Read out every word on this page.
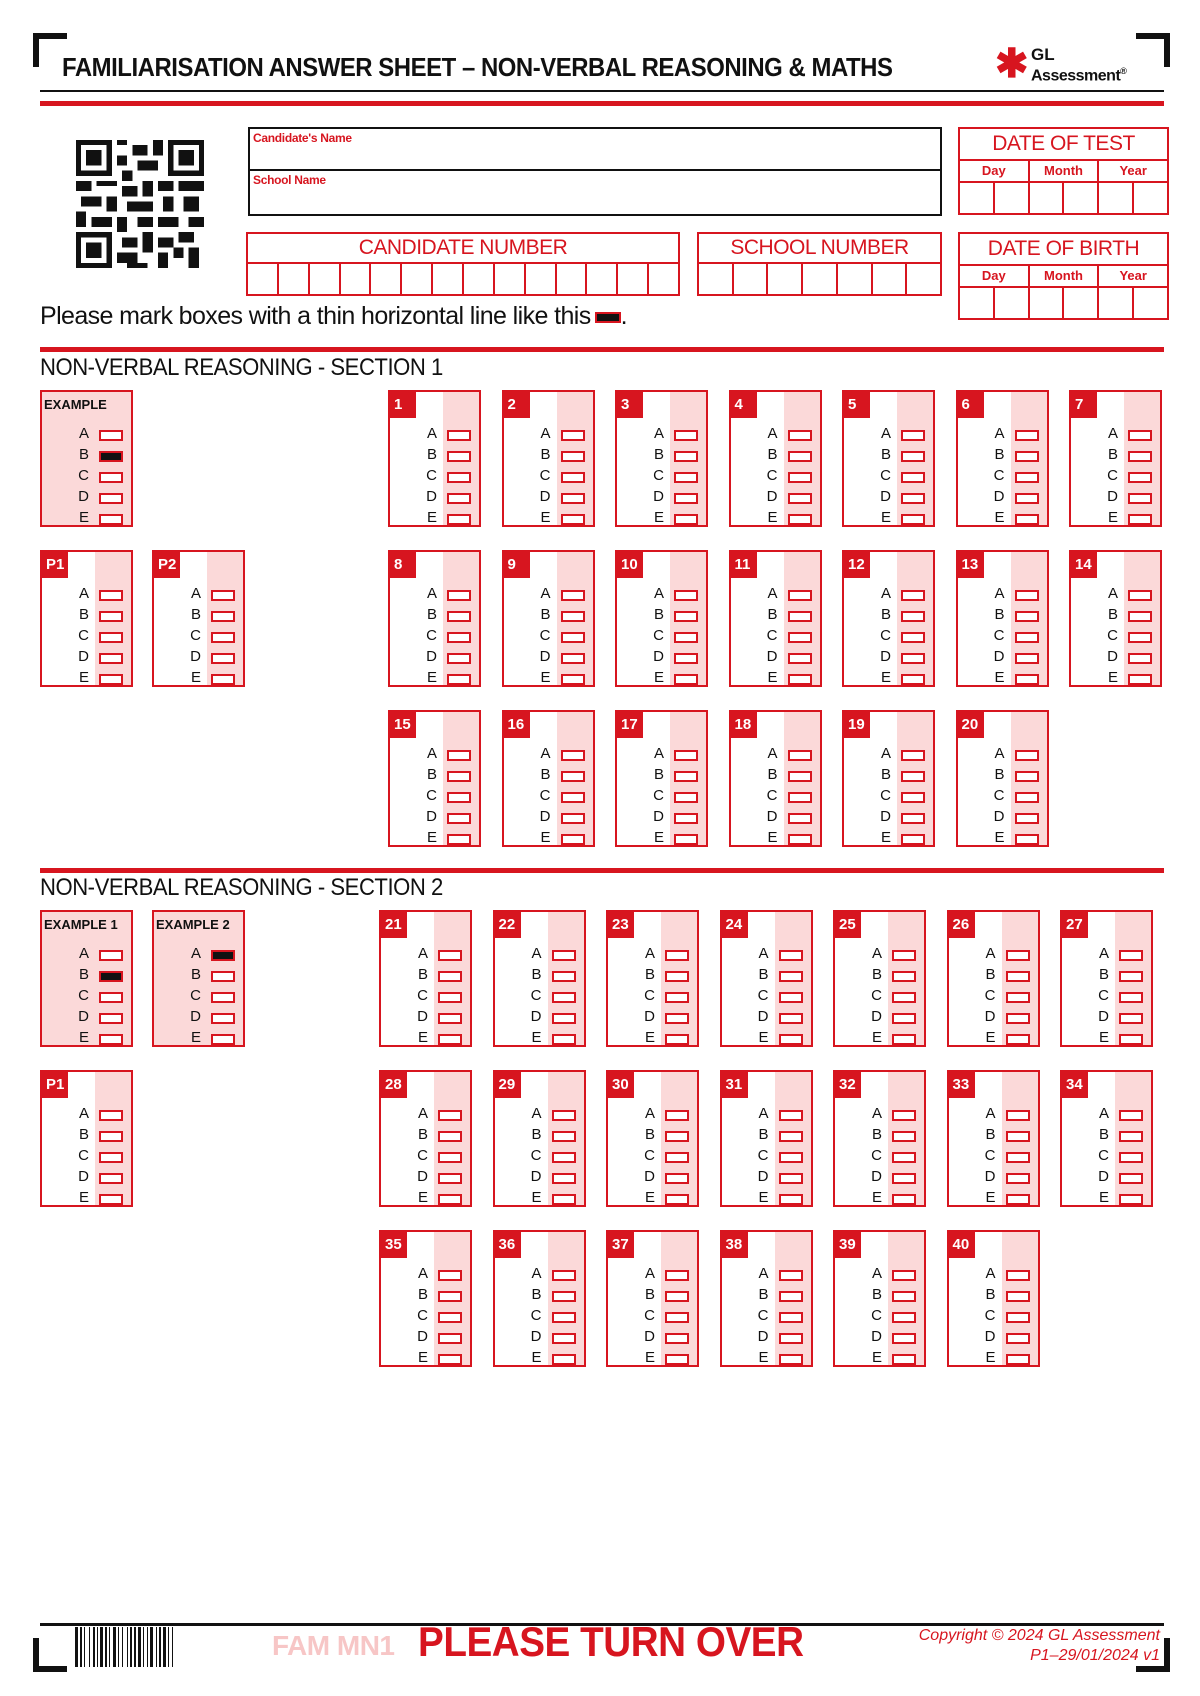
FAMILIARISATION ANSWER SHEET – NON-VERBAL REASONING & MATHS	✱ GL
Assessment®
Candidate's Name
School Name
CANDIDATE NUMBER	SCHOOL NUMBER
DATE OF TEST
Day	Month	Year
DATE OF BIRTH
Day	Month	Year
Please mark boxes with a thin horizontal line like this .
NON-VERBAL REASONING - SECTION 1
EXAMPLE
A
B
C
D
E
P1
A
B
C
D
E
P2
A
B
C
D
E
1
A
B
C
D
E
2
A
B
C
D
E
3
A
B
C
D
E
4
A
B
C
D
E
5
A
B
C
D
E
6
A
B
C
D
E
7
A
B
C
D
E
8
A
B
C
D
E
9
A
B
C
D
E
10
A
B
C
D
E
11
A
B
C
D
E
12
A
B
C
D
E
13
A
B
C
D
E
14
A
B
C
D
E
15
A
B
C
D
E
16
A
B
C
D
E
17
A
B
C
D
E
18
A
B
C
D
E
19
A
B
C
D
E
20
A
B
C
D
E
NON-VERBAL REASONING - SECTION 2
EXAMPLE 1
A
B
C
D
E
EXAMPLE 2
A
B
C
D
E
P1
A
B
C
D
E
21
A
B
C
D
E
22
A
B
C
D
E
23
A
B
C
D
E
24
A
B
C
D
E
25
A
B
C
D
E
26
A
B
C
D
E
27
A
B
C
D
E
28
A
B
C
D
E
29
A
B
C
D
E
30
A
B
C
D
E
31
A
B
C
D
E
32
A
B
C
D
E
33
A
B
C
D
E
34
A
B
C
D
E
35
A
B
C
D
E
36
A
B
C
D
E
37
A
B
C
D
E
38
A
B
C
D
E
39
A
B
C
D
E
40
A
B
C
D
E
FAM MN1 PLEASE TURN OVER	Copyright © 2024 GL Assessment
P1–29/01/2024 v1
